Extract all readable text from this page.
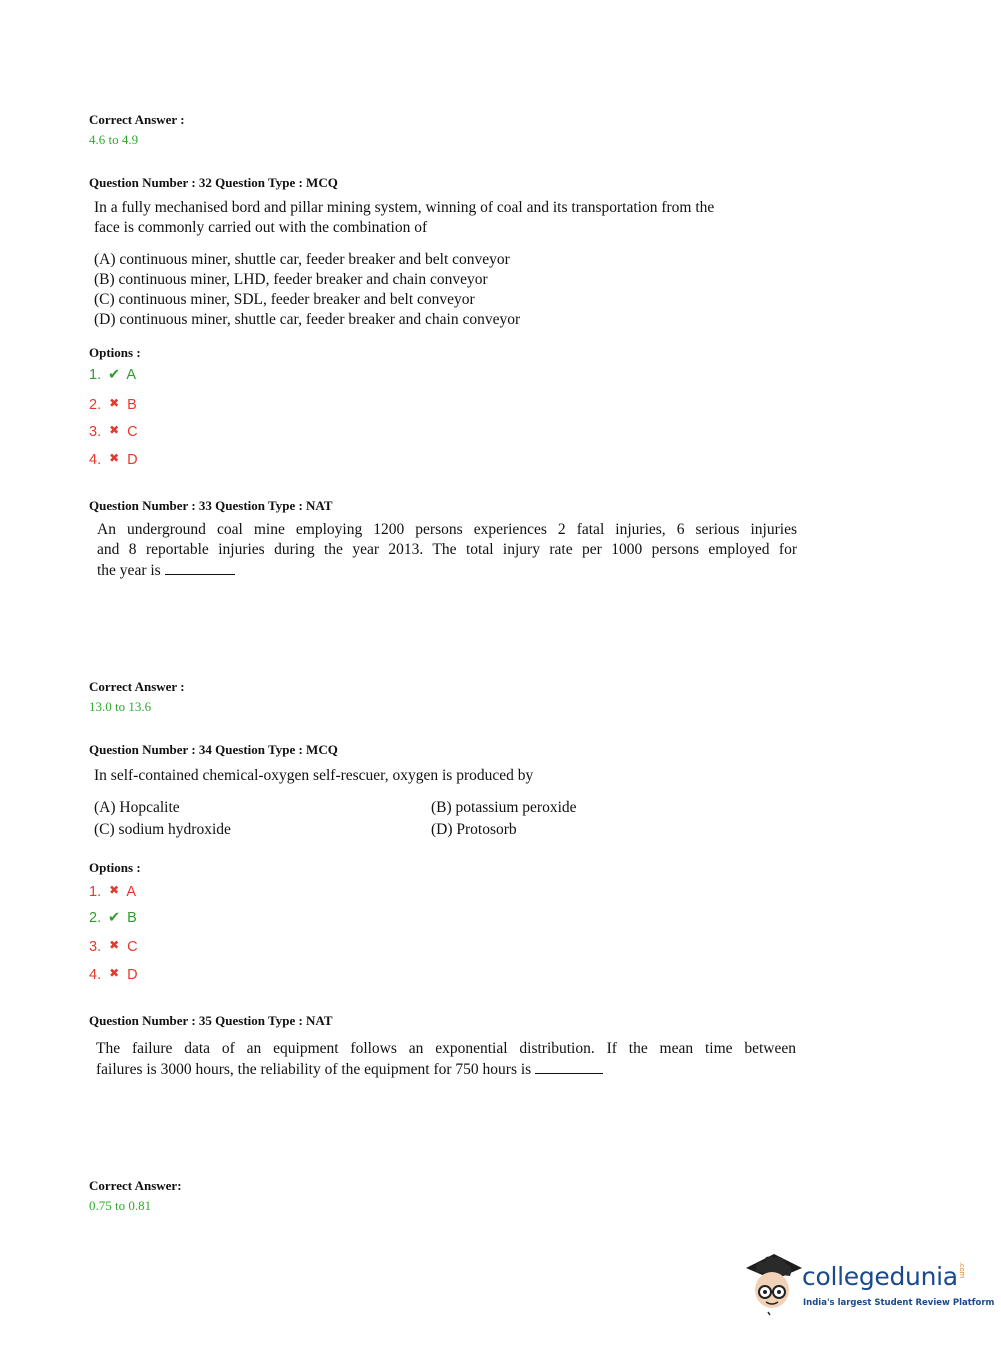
Correct Answer :
4.6 to 4.9
Question Number : 32 Question Type : MCQ

In a fully mechanised bord and pillar mining system, winning of coal and its transportation from the

face is commonly carried out with the combination of

(A) continuous miner, shuttle car, feeder breaker and belt conveyor

(B) continuous miner, LHD, feeder breaker and chain conveyor

(C) continuous miner, SDL, feeder breaker and belt conveyor

(D) continuous miner, shuttle car, feeder breaker and chain conveyor

Options :
1. ✔ A
2. ✖ B
3. ✖ C
4. ✖ D
Question Number : 33 Question Type : NAT

An underground coal mine employing 1200 persons experiences 2 fatal injuries, 6 serious injuries

and 8 reportable injuries during the year 2013. The total injury rate per 1000 persons employed for

the year is

Correct Answer :
13.0 to 13.6
Question Number : 34 Question Type : MCQ
In self-contained chemical-oxygen self-rescuer, oxygen is produced by
(A) Hopcalite	(B) potassium peroxide
(C) sodium hydroxide	(D) Protosorb
Options :
1. ✖ A
2. ✔ B
3. ✖ C
4. ✖ D
Question Number : 35 Question Type : NAT

The failure data of an equipment follows an exponential distribution. If the mean time between

failures is 3000 hours, the reliability of the equipment for 750 hours is

Correct Answer:
0.75 to 0.81
collegedunia.com
India's largest Student Review Platform
